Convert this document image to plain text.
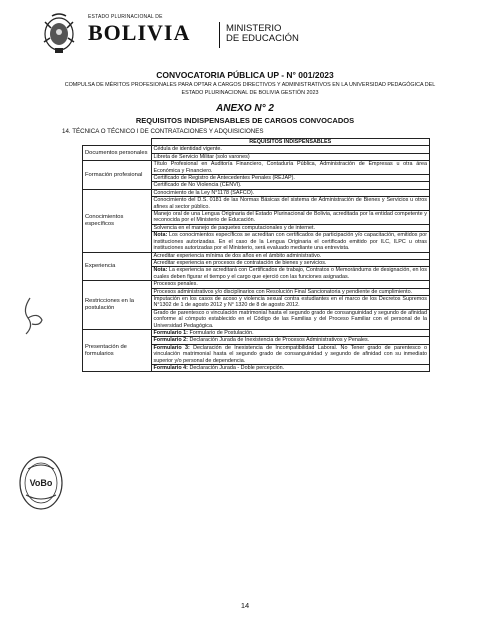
ESTADO PLURINACIONAL DE
BOLIVIA	MINISTERIO
DE EDUCACIÓN
CONVOCATORIA PÚBLICA UP - N° 001/2023
COMPULSA DE MÉRITOS PROFESIONALES PARA OPTAR A CARGOS DIRECTIVOS Y ADMINISTRATIVOS EN LA UNIVERSIDAD PEDAGÓGICA DEL ESTADO PLURINACIONAL DE BOLIVIA GESTIÓN 2023
ANEXO N° 2
REQUISITOS INDISPENSABLES DE CARGOS CONVOCADOS
14. TÉCNICA O TÉCNICO I DE CONTRATACIONES Y ADQUISICIONES
	REQUISITOS INDISPENSABLES
Documentos personales	Cédula de identidad vigente.
	Libreta de Servicio Militar (solo varones)
Formación profesional	Título Profesional en Auditoría Financiero, Contaduría Pública, Administración de Empresas u otra área Económica y Financiero.
	Certificado de Registro de Antecedentes Penales (REJAP).
	Certificado de No Violencia (CENVI).
Conocimientos específicos	Conocimiento de la Ley N°1178 (SAFCO).
	Conocimiento del D.S. 0181 de las Normas Básicas del sistema de Administración de Bienes y Servicios u otros afines al sector público.
	Manejo oral de una Lengua Originaria del Estado Plurinacional de Bolivia, acreditada por la entidad competente y reconocida por el Ministerio de Educación.
	Solvencia en el manejo de paquetes computacionales y de internet.
	Nota: Los conocimientos específicos se acreditan con certificados de participación y/o capacitación, emitidos por instituciones autorizadas. En el caso de la Lengua Originaria el certificado emitido por ILC, ILPC u otras instituciones autorizadas por el Ministerio, será evaluado mediante una entrevista.
Experiencia	Acreditar experiencia mínima de dos años en el ámbito administrativo.
	Acreditar experiencia en procesos de contratación de bienes y servicios.
	Nota: La experiencia se acreditará con Certificados de trabajo, Contratos o Memorándums de designación, en los cuales deben figurar el tiempo y el cargo que ejerció con las funciones asignadas.
Restricciones en la postulación	Procesos penales.
	Procesos administrativos y/o disciplinarios con Resolución Final Sancionatoria y pendiente de cumplimiento.
	Imputación en los casos de acoso y violencia sexual contra estudiantes en el marco de los Decretos Supremos N°1302 de 1 de agosto 2012 y N° 1320 de 8 de agosto 2012.
	Grado de parentesco o vinculación matrimonial hasta el segundo grado de consanguinidad y segundo de afinidad conforme al cómputo establecido en el Código de las Familias y del Proceso Familiar con el personal de la Universidad Pedagógica.
Presentación de formularios	Formulario 1: Formulario de Postulación.
	Formulario 2: Declaración Jurada de Inexistencia de Procesos Administrativos y Penales.
	Formulario 3: Declaración de Inexistencia de Incompatibilidad Laboral. No Tener grado de parentesco o vinculación matrimonial hasta el segundo grado de consanguinidad y segundo de afinidad con su inmediato superior y/o personal de dependencia.
	Formulario 4: Declaración Jurada - Doble percepción.
VoBo
14
